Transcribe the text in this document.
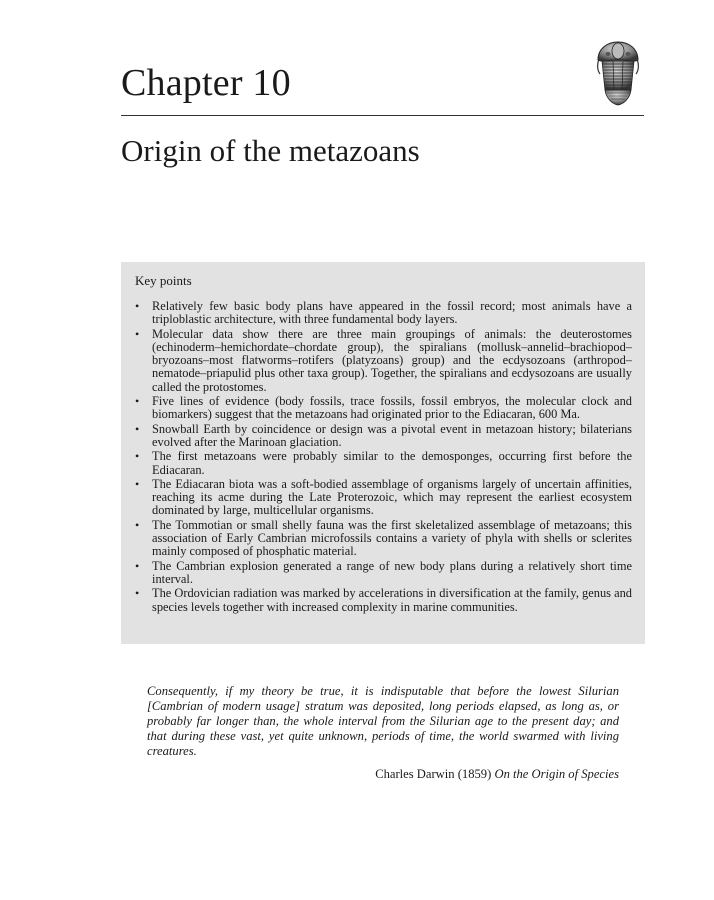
Chapter 10
Origin of the metazoans
Key points
• Relatively few basic body plans have appeared in the fossil record; most animals have a triploblastic architecture, with three fundamental body layers.
• Molecular data show there are three main groupings of animals: the deuterostomes (echinoderm–hemichordate–chordate group), the spiralians (mollusk–annelid–brachiopod–bryozoans–most flatworms–rotifers (platyzoans) group) and the ecdysozoans (arthropod–nematode–priapulid plus other taxa group). Together, the spiralians and ecdysozoans are usually called the protostomes.
• Five lines of evidence (body fossils, trace fossils, fossil embryos, the molecular clock and biomarkers) suggest that the metazoans had originated prior to the Ediacaran, 600 Ma.
• Snowball Earth by coincidence or design was a pivotal event in metazoan history; bilaterians evolved after the Marinoan glaciation.
• The first metazoans were probably similar to the demosponges, occurring first before the Ediacaran.
• The Ediacaran biota was a soft-bodied assemblage of organisms largely of uncertain affinities, reaching its acme during the Late Proterozoic, which may represent the earliest ecosystem dominated by large, multicellular organisms.
• The Tommotian or small shelly fauna was the first skeletalized assemblage of metazoans; this association of Early Cambrian microfossils contains a variety of phyla with shells or sclerites mainly composed of phosphatic material.
• The Cambrian explosion generated a range of new body plans during a relatively short time interval.
• The Ordovician radiation was marked by accelerations in diversification at the family, genus and species levels together with increased complexity in marine communities.

Consequently, if my theory be true, it is indisputable that before the lowest Silurian [Cambrian of modern usage] stratum was deposited, long periods elapsed, as long as, or probably far longer than, the whole interval from the Silurian age to the present day; and that during these vast, yet quite unknown, periods of time, the world swarmed with living creatures.

Charles Darwin (1859) On the Origin of Species
